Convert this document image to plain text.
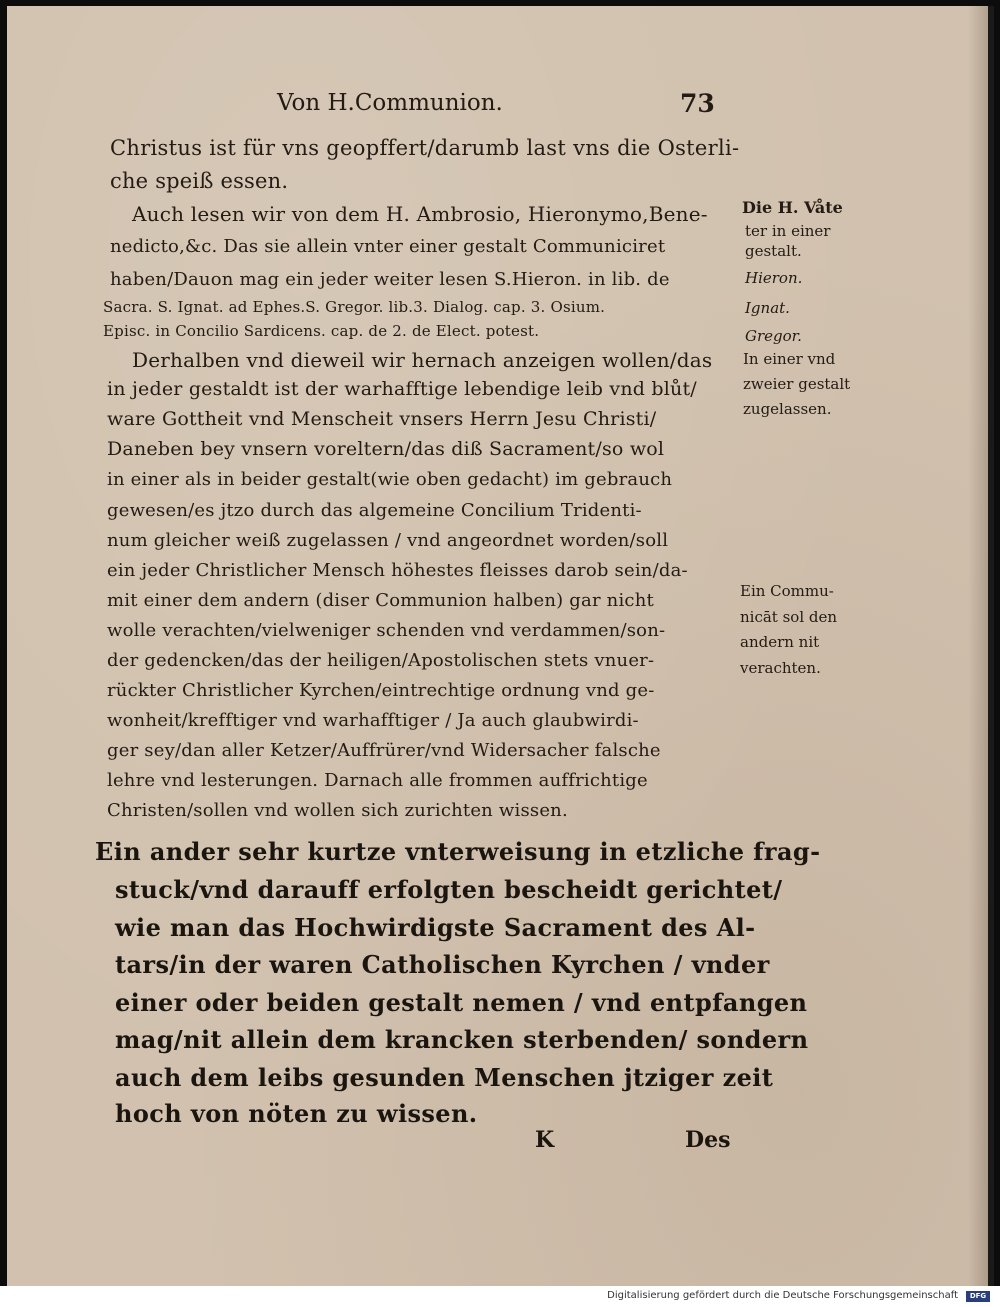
Von H.Communion.	73
Christus ist für vns geopffert/darumb last vns die Osterli-
che speiß essen.
Auch lesen wir von dem H. Ambrosio, Hieronymo,Bene-
nedicto,&c. Das sie allein vnter einer gestalt Communiciret
haben/Dauon mag ein jeder weiter lesen S.Hieron. in lib. de
Sacra. S. Ignat. ad Ephes.S. Gregor. lib.3. Dialog. cap. 3. Osium.
Episc. in Concilio Sardicens. cap. de 2. de Elect. potest.
Derhalben vnd dieweil wir hernach anzeigen wollen/das
in jeder gestaldt ist der warhafftige lebendige leib vnd blůt/
ware Gottheit vnd Menscheit vnsers Herrn Jesu Christi/
Daneben bey vnsern voreltern/das diß Sacrament/so wol
in einer als in beider gestalt(wie oben gedacht) im gebrauch
gewesen/es jtzo durch das algemeine Concilium Tridenti-
num gleicher weiß zugelassen / vnd angeordnet worden/soll
ein jeder Christlicher Mensch höhestes fleisses darob sein/da-
mit einer dem andern (diser Communion halben) gar nicht
wolle verachten/vielweniger schenden vnd verdammen/son-
der gedencken/das der heiligen/Apostolischen stets vnuer-
rückter Christlicher Kyrchen/eintrechtige ordnung vnd ge-
wonheit/krefftiger vnd warhafftiger / Ja auch glaubwirdi-
ger sey/dan aller Ketzer/Auffrürer/vnd Widersacher falsche
lehre vnd lesterungen. Darnach alle frommen auffrichtige
Christen/sollen vnd wollen sich zurichten wissen.
Die H. Våte
ter in einer
gestalt.
Hieron.
Ignat.
Gregor.
In einer vnd
zweier gestalt
zugelassen.
Ein Commu-
nicāt sol den
andern nit
verachten.
Ein ander sehr kurtze vnterweisung in etzliche frag-
stuck/vnd darauff erfolgten bescheidt gerichtet/
wie man das Hochwirdigste Sacrament des Al-
tars/in der waren Catholischen Kyrchen / vnder
einer oder beiden gestalt nemen / vnd entpfangen
mag/nit allein dem krancken sterbenden/ sondern
auch dem leibs gesunden Menschen jtziger zeit
hoch von nöten zu wissen.
K	Des
Digitalisierung gefördert durch die Deutsche Forschungsgemeinschaft	DFG
